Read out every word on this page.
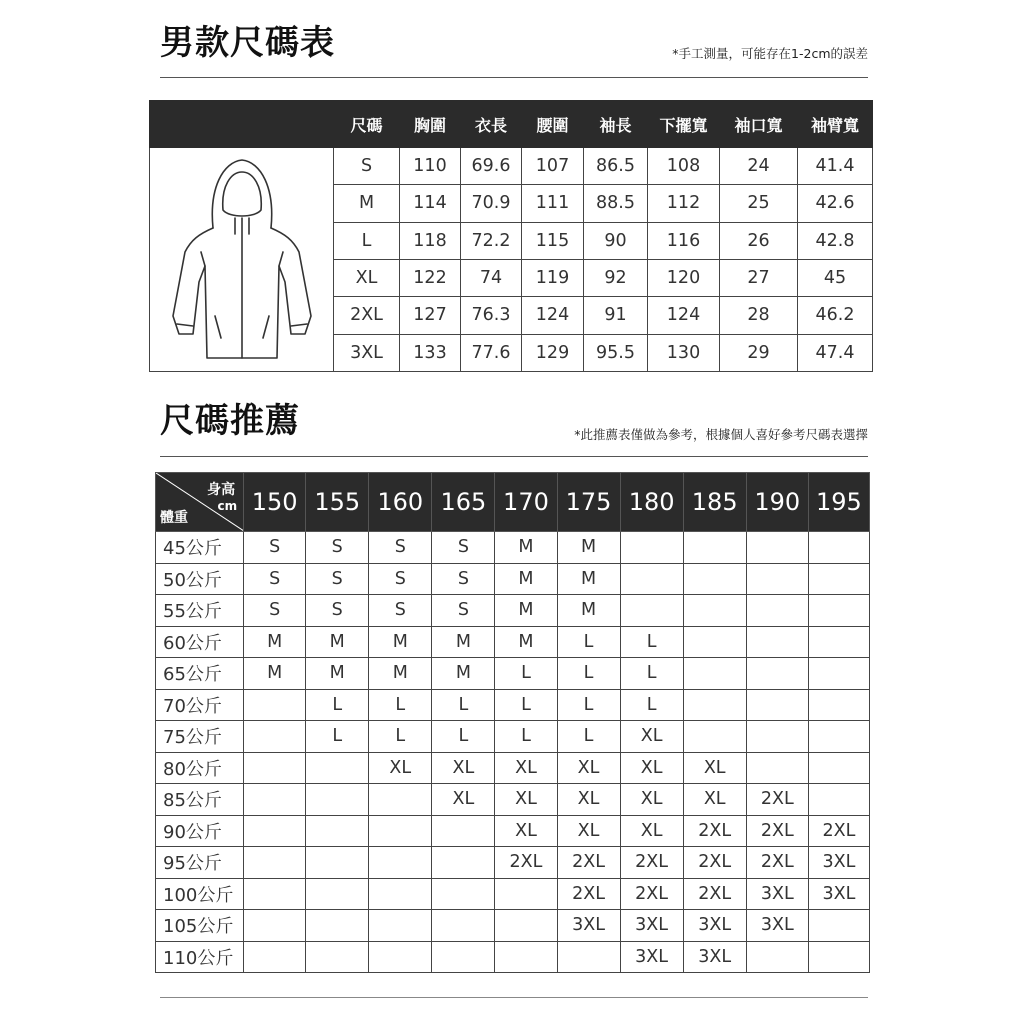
男款尺碼表	*手工測量，可能存在1-2cm的誤差
	尺碼	胸圍	衣長	腰圍	袖長	下擺寬	袖口寬	袖臂寬
	S	110	69.6	107	86.5	108	24	41.4
	M	114	70.9	111	88.5	112	25	42.6
	L	118	72.2	115	90	116	26	42.8
	XL	122	74	119	92	120	27	45
	2XL	127	76.3	124	91	124	28	46.2
	3XL	133	77.6	129	95.5	130	29	47.4
尺碼推薦	*此推薦表僅做為參考，根據個人喜好參考尺碼表選擇
身高
cm
體重	150	155	160	165	170	175	180	185	190	195
45公斤	S	S	S	S	M	M				
50公斤	S	S	S	S	M	M				
55公斤	S	S	S	S	M	M				
60公斤	M	M	M	M	M	L	L			
65公斤	M	M	M	M	L	L	L			
70公斤		L	L	L	L	L	L			
75公斤		L	L	L	L	L	XL			
80公斤			XL	XL	XL	XL	XL	XL		
85公斤				XL	XL	XL	XL	XL	2XL	
90公斤					XL	XL	XL	2XL	2XL	2XL
95公斤					2XL	2XL	2XL	2XL	2XL	3XL
100公斤						2XL	2XL	2XL	3XL	3XL
105公斤						3XL	3XL	3XL	3XL	
110公斤							3XL	3XL		
